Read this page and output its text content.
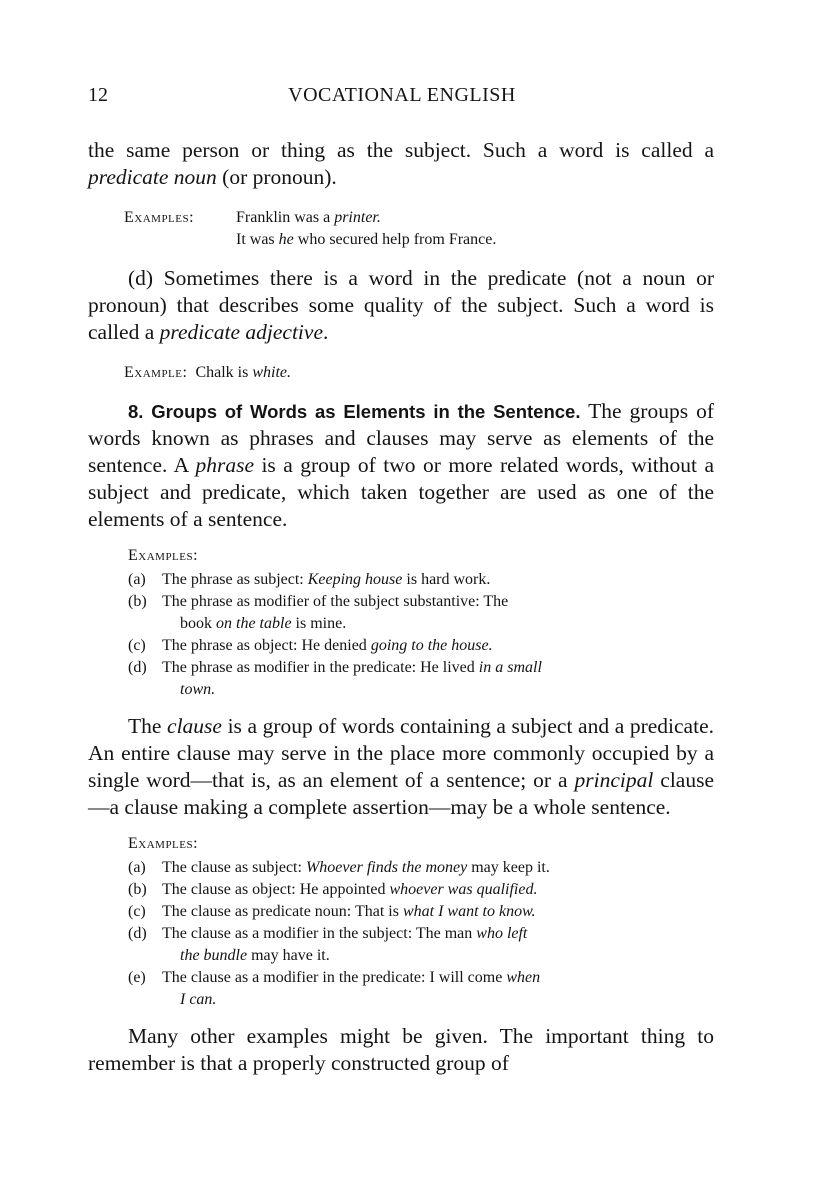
12	VOCATIONAL ENGLISH

the same person or thing as the subject. Such a word is called a predicate noun (or pronoun).

Examples:	Franklin was a printer.
It was he who secured help from France.

(d) Sometimes there is a word in the predicate (not a noun or pronoun) that describes some quality of the subject. Such a word is called a predicate adjective.

Example: Chalk is white.

8. Groups of Words as Elements in the Sentence. The groups of words known as phrases and clauses may serve as elements of the sentence. A phrase is a group of two or more related words, without a subject and predicate, which taken together are used as one of the elements of a sentence.

Examples:
(a)	The phrase as subject: Keeping house is hard work.
(b) The phrase as modifier of the subject substantive: The
book on the table is mine.
(c)	The phrase as object: He denied going to the house.
(d) The phrase as modifier in the predicate: He lived in a small
town.

The clause is a group of words containing a subject and a predicate. An entire clause may serve in the place more commonly occupied by a single word—that is, as an element of a sentence; or a principal clause—a clause making a complete assertion—may be a whole sentence.

Examples:
(a)	The clause as subject: Whoever finds the money may keep it.
(b) The clause as object: He appointed whoever was qualified.
(c)	The clause as predicate noun: That is what I want to know.
(d) The clause as a modifier in the subject: The man who left
the bundle may have it.
(e)	The clause as a modifier in the predicate: I will come when
I can.

Many other examples might be given. The important thing to remember is that a properly constructed group of
